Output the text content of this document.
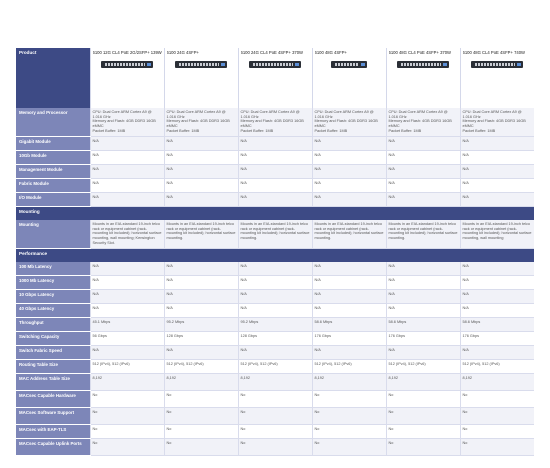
Product	6100 12G CL4 PoE 2G/2SFP+ 139W	6100 24G 4SFP+	6100 24G CL4 PoE 4SFP+ 370W	6100 48G 4SFP+	6100 48G CL4 PoE 4SFP+ 370W	6100 48G CL4 PoE 4SFP+ 740W

Memory and Processor	CPU: Dual Core ARM Cortex A9 @ 1.016 GHz
Memory and Flash: 4GB DDR3 16GB eMMC
Packet Buffer: 1MB	CPU: Dual Core ARM Cortex A9 @ 1.016 GHz
Memory and Flash: 4GB DDR3 16GB eMMC
Packet Buffer: 1MB	CPU: Dual Core ARM Cortex A9 @ 1.016 GHz
Memory and Flash: 4GB DDR3 16GB eMMC
Packet Buffer: 1MB	CPU: Dual Core ARM Cortex A9 @ 1.016 GHz
Memory and Flash: 4GB DDR3 16GB eMMC
Packet Buffer: 1MB	CPU: Dual Core ARM Cortex A9 @ 1.016 GHz
Memory and Flash: 4GB DDR3 16GB eMMC
Packet Buffer: 1MB	CPU: Dual Core ARM Cortex A9 @ 1.016 GHz
Memory and Flash: 4GB DDR3 16GB eMMC
Packet Buffer: 1MB
Gigabit Module	N/A	N/A	N/A	N/A	N/A	N/A
10Gb Module	N/A	N/A	N/A	N/A	N/A	N/A
Management Module	N/A	N/A	N/A	N/A	N/A	N/A
Fabric Module	N/A	N/A	N/A	N/A	N/A	N/A
I/O Module	N/A	N/A	N/A	N/A	N/A	N/A
Mounting						
Mounting	Mounts in an EIA-standard 19-inch telco rack or equipment cabinet (rack-mounting kit included); horizontal surface mounting, wall mounting; Kensington Security Slot.	Mounts in an EIA-standard 19-inch telco rack or equipment cabinet (rack-mounting kit included); horizontal surface mounting.	Mounts in an EIA-standard 19-inch telco rack or equipment cabinet (rack-mounting kit included); horizontal surface mounting.	Mounts in an EIA-standard 19-inch telco rack or equipment cabinet (rack-mounting kit included); horizontal surface mounting.	Mounts in an EIA-standard 19-inch telco rack or equipment cabinet (rack-mounting kit included); horizontal surface mounting.	Mounts in an EIA-standard 19-inch telco rack or equipment cabinet (rack-mounting kit included); horizontal surface mounting, wall mounting
Performance						
100 Mb Latency	N/A	N/A	N/A	N/A	N/A	N/A
1000 Mb Latency	N/A	N/A	N/A	N/A	N/A	N/A
10 Gbps Latency	N/A	N/A	N/A	N/A	N/A	N/A
40 Gbps Latency	N/A	N/A	N/A	N/A	N/A	N/A
Throughput	45.1 Mbps	95.2 Mbps	95.2 Mbps	58.6 Mbps	58.6 Mbps	58.6 Mbps
Switching Capacity	56 Gbps	128 Gbps	128 Gbps	176 Gbps	176 Gbps	176 Gbps
Switch Fabric Speed	N/A	N/A	N/A	N/A	N/A	N/A
Routing Table Size	512 (IPv4), 512 (IPv6)	512 (IPv4), 512 (IPv6)	512 (IPv4), 512 (IPv6)	512 (IPv4), 512 (IPv6)	512 (IPv4), 512 (IPv6)	512 (IPv4), 512 (IPv6)
MAC Address Table Size	8,192	8,192	8,192	8,192	8,192	8,192
MACsec Capable Hardware	No	No	No	No	No	No
MACsec Software Support	No	No	No	No	No	No
MACsec with EAP-TLS	No	No	No	No	No	No
MACsec Capable Uplink Ports	No	No	No	No	No	No
